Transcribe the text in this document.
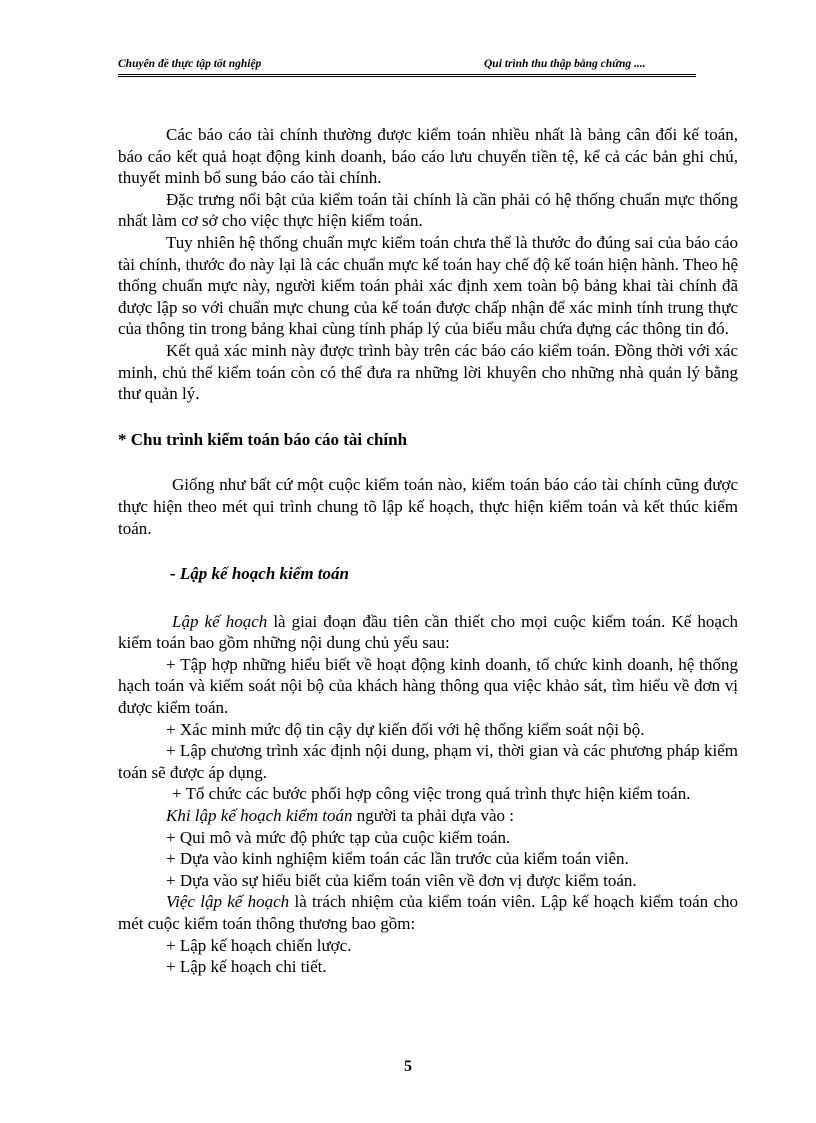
Chuyên đề thực tập tốt nghiệp	Qui trình thu thập bằng chứng ....

Các báo cáo tài chính thường được kiểm toán nhiều nhất là bảng cân đối kế toán, báo cáo kết quả hoạt động kinh doanh, báo cáo lưu chuyển tiền tệ, kể cả các bản ghi chú, thuyết minh bổ sung báo cáo tài chính.

Đặc trưng nổi bật của kiểm toán tài chính là cần phải có hệ thống chuẩn mực thống nhất làm cơ sở cho việc thực hiện kiểm toán.

Tuy nhiên hệ thống chuẩn mực kiểm toán chưa thể là thước đo đúng sai của báo cáo tài chính, thước đo này lại là các chuẩn mực kế toán hay chế độ kế toán hiện hành. Theo hệ thống chuẩn mực này, người kiểm toán phải xác định xem toàn bộ bảng khai tài chính đã được lập so với chuẩn mực chung của kế toán được chấp nhận để xác minh tính trung thực của thông tin trong bảng khai cùng tính pháp lý của biểu mẫu chứa đựng các thông tin đó.

Kết quả xác minh này được trình bày trên các báo cáo kiểm toán. Đồng thời với xác minh, chủ thể kiểm toán còn có thể đưa ra những lời khuyên cho những nhà quản lý bằng thư quản lý.

* Chu trình kiểm toán báo cáo tài chính

Giống như bất cứ một cuộc kiểm toán nào, kiểm toán báo cáo tài chính cũng được thực hiện theo mét qui trình chung tõ lập kế hoạch, thực hiện kiểm toán và kết thúc kiểm toán.

- Lập kế hoạch kiểm toán

Lập kế hoạch là giai đoạn đầu tiên cần thiết cho mọi cuộc kiểm toán. Kế hoạch kiểm toán bao gồm những nội dung chủ yếu sau:

+ Tập hợp những hiểu biết về hoạt động kinh doanh, tổ chức kinh doanh, hệ thống hạch toán và kiểm soát nội bộ của khách hàng thông qua việc khảo sát, tìm hiểu về đơn vị được kiểm toán.

+ Xác minh mức độ tin cậy dự kiến đối với hệ thống kiểm soát nội bộ.

+ Lập chương trình xác định nội dung, phạm vi, thời gian và các phương pháp kiểm toán sẽ được áp dụng.

+ Tổ chức các bước phối hợp công việc trong quá trình thực hiện kiểm toán.

Khi lập kế hoạch kiểm toán người ta phải dựa vào :

+ Qui mô và mức độ phức tạp của cuộc kiểm toán.

+ Dựa vào kinh nghiệm kiểm toán các lần trước của kiểm toán viên.

+ Dựa vào sự hiểu biết của kiểm toán viên về đơn vị được kiểm toán.

Việc lập kế hoạch là trách nhiệm của kiểm toán viên. Lập kế hoạch kiểm toán cho mét cuộc kiểm toán thông thương bao gồm:

+ Lập kế hoạch chiến lược.

+ Lập kế hoạch chi tiết.

5
